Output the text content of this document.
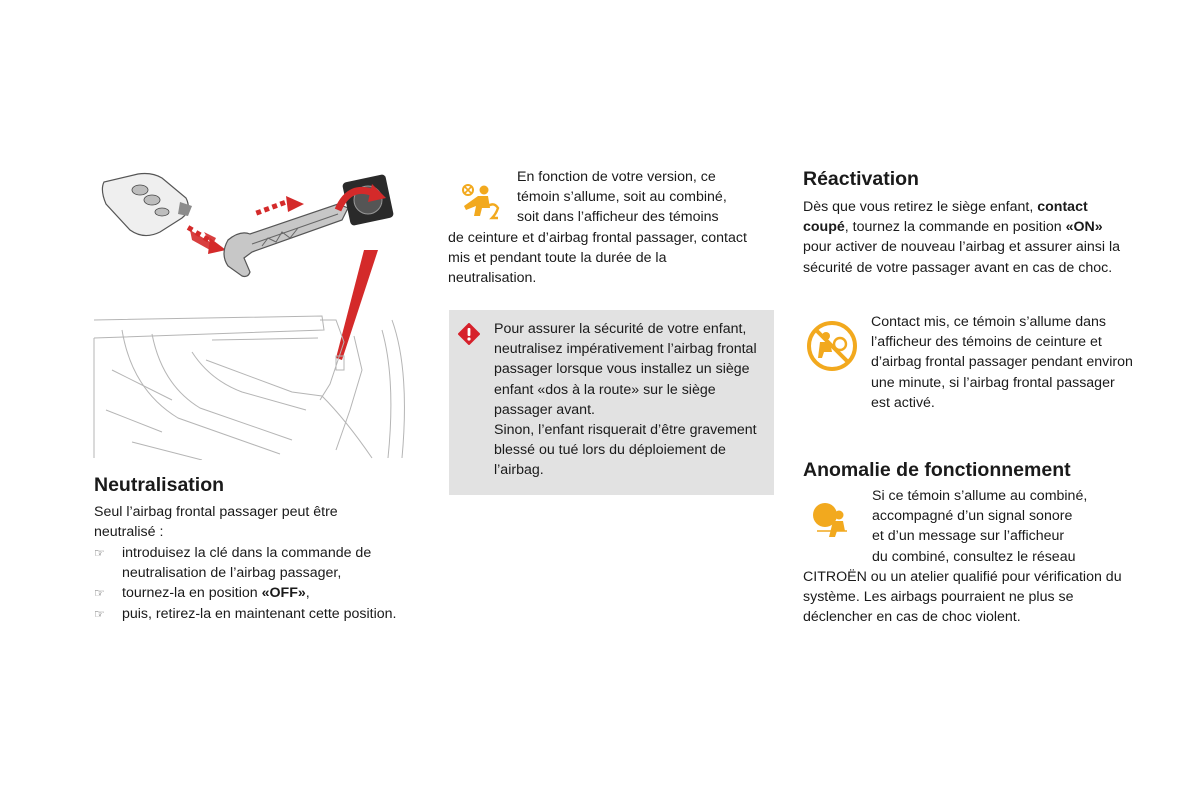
Neutralisation

Seul l’airbag frontal passager peut être neutralisé :

☞ introduisez la clé dans la commande de neutralisation de l’airbag passager,
☞ tournez-la en position «OFF»,
☞ puis, retirez-la en maintenant cette position.
En fonction de votre version, ce
témoin s’allume, soit au combiné,
soit dans l’afficheur des témoins
de ceinture et d’airbag frontal passager, contact mis et pendant toute la durée de la neutralisation.

Pour assurer la sécurité de votre enfant, neutralisez impérativement l’airbag frontal passager lorsque vous installez un siège enfant «dos à la route» sur le siège passager avant.

Sinon, l’enfant risquerait d’être gravement blessé ou tué lors du déploiement de l’airbag.

Réactivation

Dès que vous retirez le siège enfant, contact coupé, tournez la commande en position «ON» pour activer de nouveau l’airbag et assurer ainsi la sécurité de votre passager avant en cas de choc.

Contact mis, ce témoin s’allume dans l’afficheur des témoins de ceinture et d’airbag frontal passager pendant environ une minute, si l’airbag frontal passager est activé.

Anomalie de fonctionnement
Si ce témoin s’allume au combiné,
accompagné d’un signal sonore
et d’un message sur l’afficheur
du combiné, consultez le réseau
CITROËN ou un atelier qualifié pour vérification du système. Les airbags pourraient ne plus se déclencher en cas de choc violent.
